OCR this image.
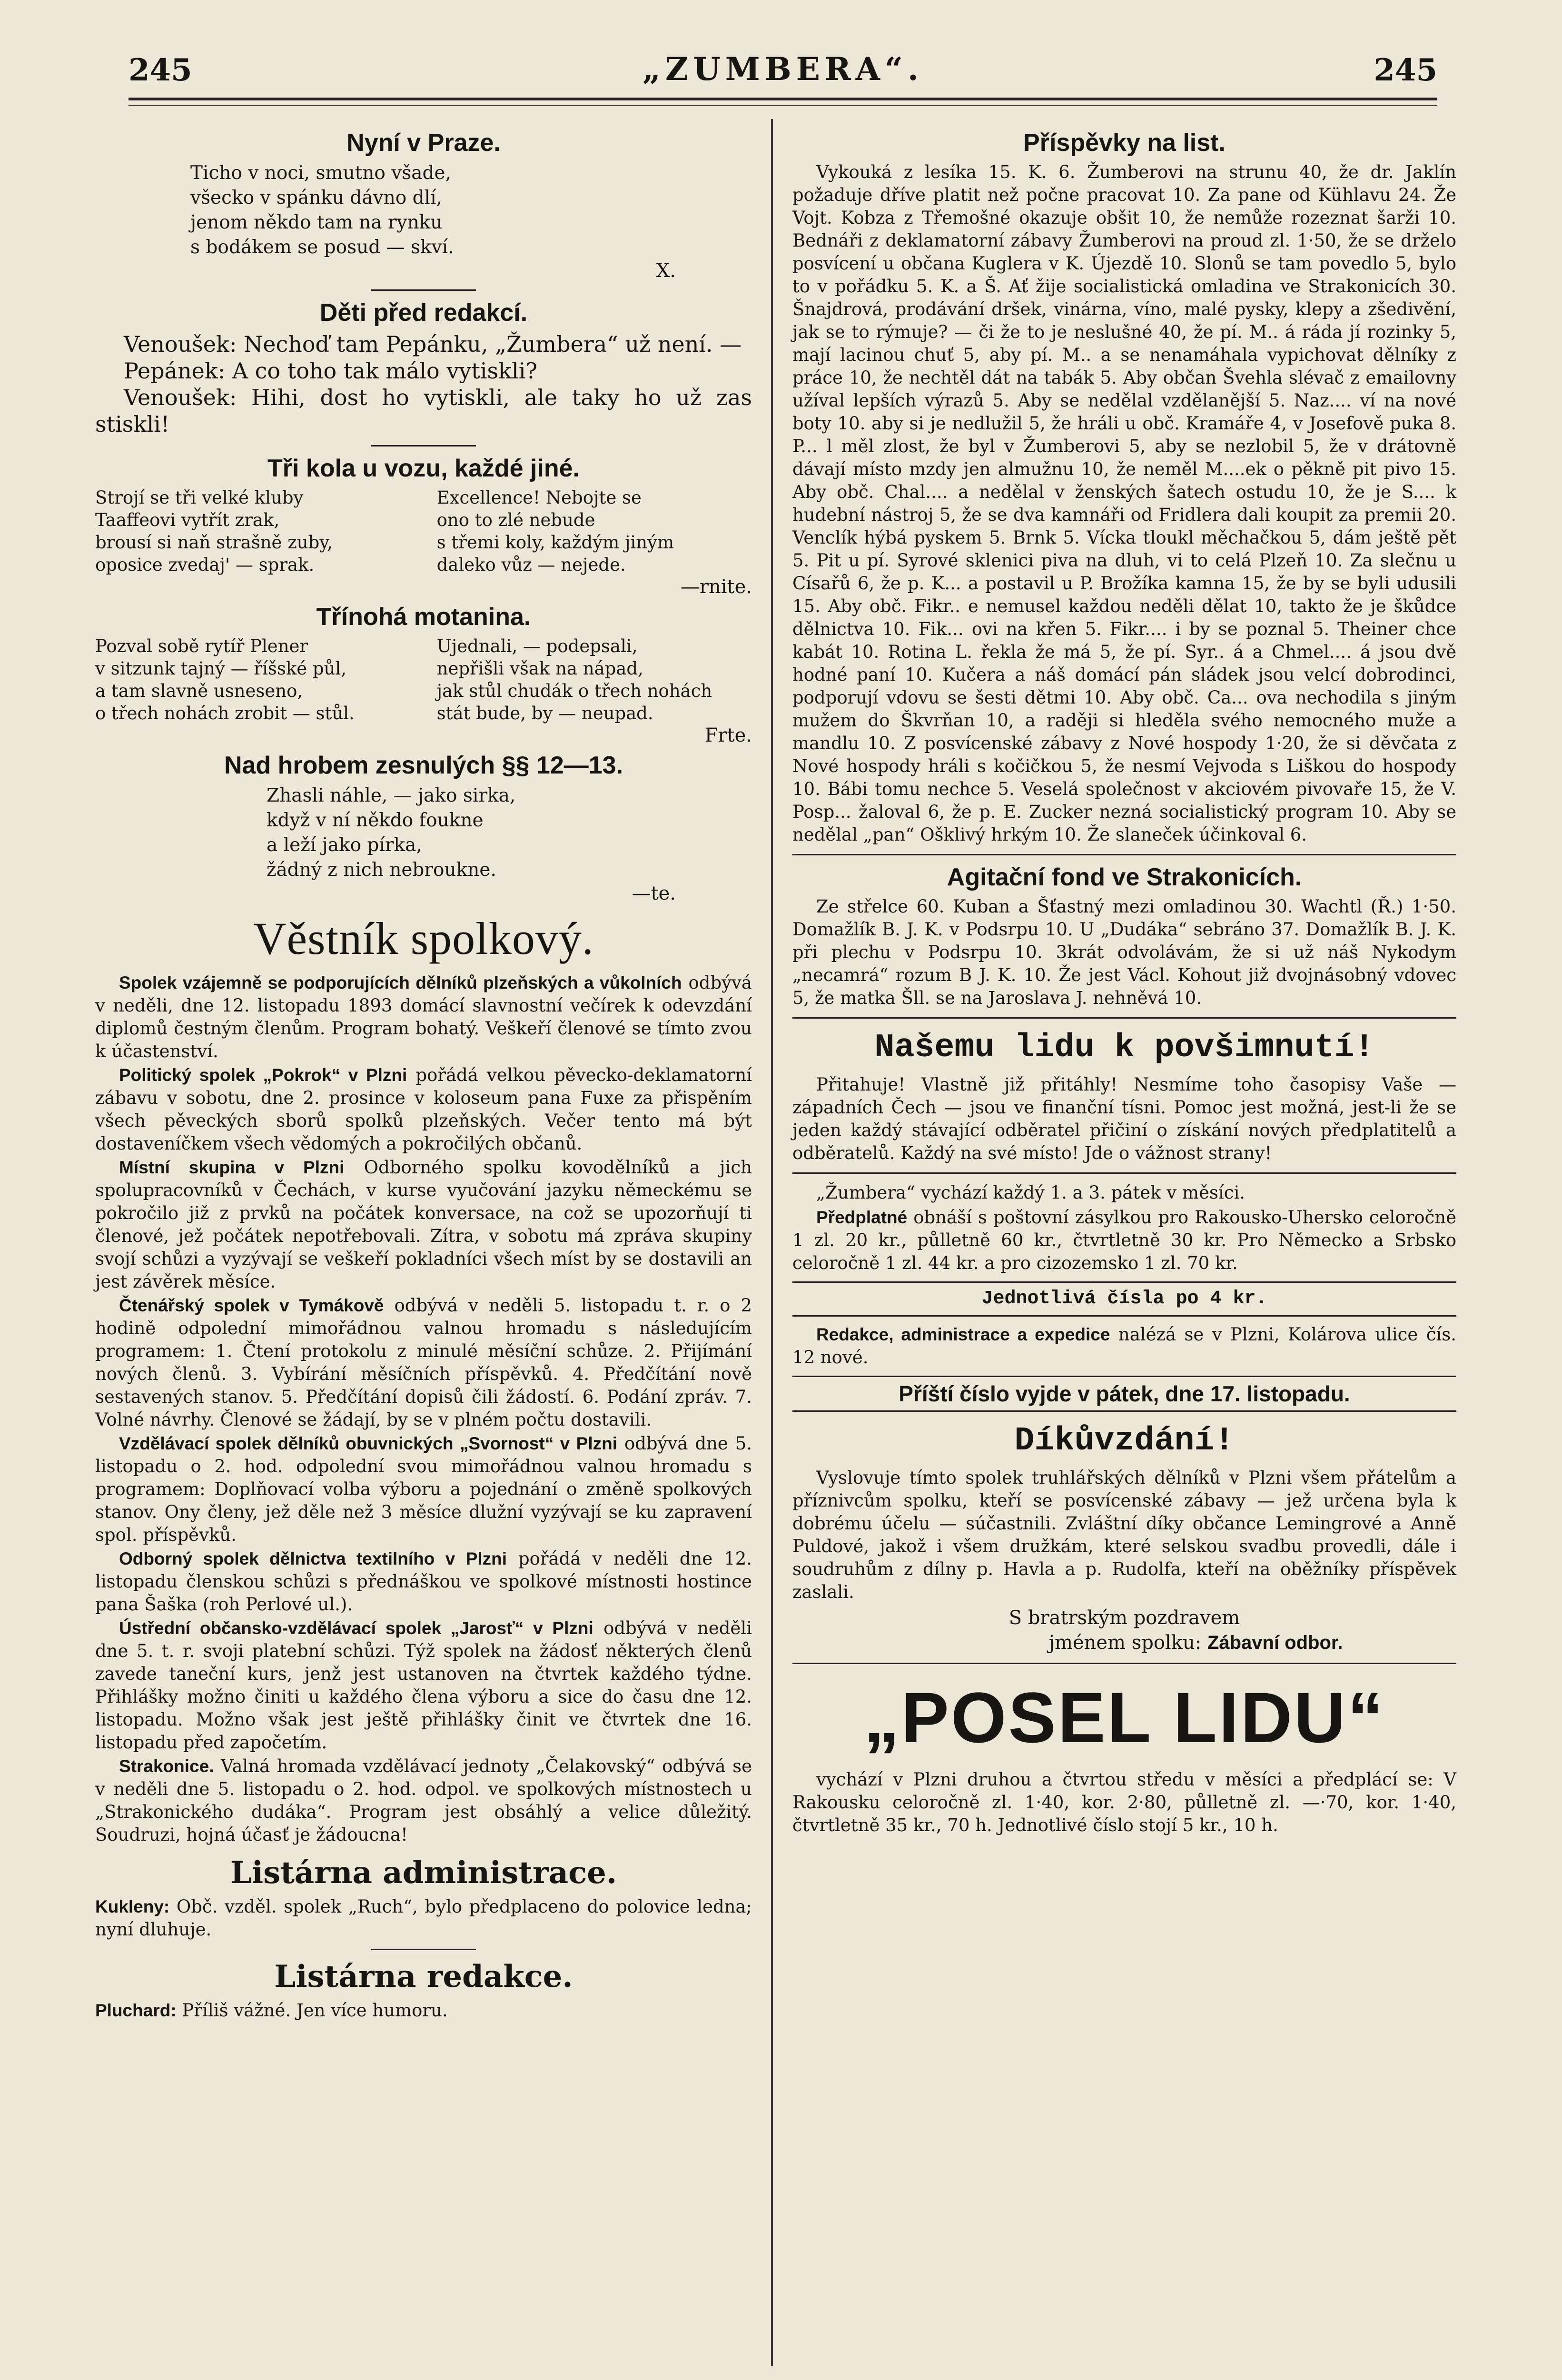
245	„ZUMBERA“.	245
Nyní v Praze.
Ticho v noci, smutno všade,
všecko v spánku dávno dlí,
jenom někdo tam na rynku
s bodákem se posud — skví.
X.
Děti před redakcí.

Venoušek: Nechoď tam Pepánku, „Žumbera“ už není. —

Pepánek: A co toho tak málo vytiskli?

Venoušek: Hihi, dost ho vytiskli, ale taky ho už zas stiskli!

Tři kola u vozu, každé jiné.
Strojí se tři velké kluby
Taaffeovi vytřít zrak,
brousí si naň strašně zuby,
oposice zvedaj' — sprak.
Excellence! Nebojte se
ono to zlé nebude
s třemi koly, každým jiným
daleko vůz — nejede.
—rnite.
Třínohá motanina.
Pozval sobě rytíř Plener
v sitzunk tajný — říšské půl,
a tam slavně usneseno,
o třech nohách zrobit — stůl.
Ujednali, — podepsali,
nepřišli však na nápad,
jak stůl chudák o třech nohách
stát bude, by — neupad.
Frte.
Nad hrobem zesnulých §§ 12—13.
Zhasli náhle, — jako sirka,
když v ní někdo foukne
a leží jako pírka,
žádný z nich nebroukne.
—te.
Věstník spolkový.

Spolek vzájemně se podporujících dělníků plzeňských a vůkolních odbývá v neděli, dne 12. listopadu 1893 domácí slavnostní večírek k odevzdání diplomů čestným členům. Program bohatý. Veškeří členové se tímto zvou k účastenství.

Politický spolek „Pokrok“ v Plzni pořádá velkou pěvecko-deklamatorní zábavu v sobotu, dne 2. prosince v koloseum pana Fuxe za přispěním všech pěveckých sborů spolků plzeňských. Večer tento má být dostaveníčkem všech vědomých a pokročilých občanů.

Místní skupina v Plzni Odborného spolku kovodělníků a jich spolupracovníků v Čechách, v kurse vyučování jazyku německému se pokročilo již z prvků na počátek konversace, na což se upozorňují ti členové, jež počátek nepotřebovali. Zítra, v sobotu má zpráva skupiny svojí schůzi a vyzývají se veškeří pokladníci všech míst by se dostavili an jest závěrek měsíce.

Čtenářský spolek v Tymákově odbývá v neděli 5. listopadu t. r. o 2 hodině odpolední mimořádnou valnou hromadu s následujícím programem: 1. Čtení protokolu z minulé měsíční schůze. 2. Přijímání nových členů. 3. Vybírání měsíčních příspěvků. 4. Předčítání nově sestavených stanov. 5. Předčítání dopisů čili žádostí. 6. Podání zpráv. 7. Volné návrhy. Členové se žádají, by se v plném počtu dostavili.

Vzdělávací spolek dělníků obuvnických „Svornost“ v Plzni odbývá dne 5. listopadu o 2. hod. odpolední svou mimořádnou valnou hromadu s programem: Doplňovací volba výboru a pojednání o změně spolkových stanov. Ony členy, jež děle než 3 měsíce dlužní vyzývají se ku zapravení spol. příspěvků.

Odborný spolek dělnictva textilního v Plzni pořádá v neděli dne 12. listopadu členskou schůzi s přednáškou ve spolkové místnosti hostince pana Šaška (roh Perlové ul.).

Ústřední občansko-vzdělávací spolek „Jarosť“ v Plzni odbývá v neděli dne 5. t. r. svoji platební schůzi. Týž spolek na žádosť některých členů zavede taneční kurs, jenž jest ustanoven na čtvrtek každého týdne. Přihlášky možno činiti u každého člena výboru a sice do času dne 12. listopadu. Možno však jest ještě přihlášky činit ve čtvrtek dne 16. listopadu před započetím.

Strakonice. Valná hromada vzdělávací jednoty „Čelakovský“ odbývá se v neděli dne 5. listopadu o 2. hod. odpol. ve spolkových místnostech u „Strakonického dudáka“. Program jest obsáhlý a velice důležitý. Soudruzi, hojná účasť je žádoucna!

Listárna administrace.
Kukleny: Obč. vzděl. spolek „Ruch“, bylo předplaceno do polovice ledna; nyní dluhuje.
Listárna redakce.
Pluchard: Příliš vážné. Jen více humoru.
Příspěvky na list.

Vykouká z lesíka 15. K. 6. Žumberovi na strunu 40, že dr. Jaklín požaduje dříve platit než počne pracovat 10. Za pane od Kühlavu 24. Že Vojt. Kobza z Třemošné okazuje obšit 10, že nemůže rozeznat šarži 10. Bednáři z deklamatorní zábavy Žumberovi na proud zl. 1·50, že se drželo posvícení u občana Kuglera v K. Újezdě 10. Slonů se tam povedlo 5, bylo to v pořádku 5. K. a Š. Ať žije socialistická omladina ve Strakonicích 30. Šnajdrová, prodávání dršek, vinárna, víno, malé pysky, klepy a zšedivění, jak se to rýmuje? — či že to je neslušné 40, že pí. M.. á ráda jí rozinky 5, mají lacinou chuť 5, aby pí. M.. a se nenamáhala vypichovat dělníky z práce 10, že nechtěl dát na tabák 5. Aby občan Švehla slévač z emailovny užíval lepších výrazů 5. Aby se nedělal vzdělanější 5. Naz.... ví na nové boty 10. aby si je nedlužil 5, že hráli u obč. Kramáře 4, v Josefově puka 8. P... l měl zlost, že byl v Žumberovi 5, aby se nezlobil 5, že v drátovně dávají místo mzdy jen almužnu 10, že neměl M....ek o pěkně pit pivo 15. Aby obč. Chal.... a nedělal v ženských šatech ostudu 10, že je S.... k hudební nástroj 5, že se dva kamnáři od Fridlera dali koupit za premii 20. Venclík hýbá pyskem 5. Brnk 5. Vícka tloukl měchačkou 5, dám ještě pět 5. Pit u pí. Syrové sklenici piva na dluh, vi to celá Plzeň 10. Za slečnu u Císařů 6, že p. K... a postavil u P. Brožíka kamna 15, že by se byli udusili 15. Aby obč. Fikr.. e nemusel každou neděli dělat 10, takto že je škůdce dělnictva 10. Fik... ovi na křen 5. Fikr.... i by se poznal 5. Theiner chce kabát 10. Rotina L. řekla že má 5, že pí. Syr.. á a Chmel.... á jsou dvě hodné paní 10. Kučera a náš domácí pán sládek jsou velcí dobrodinci, podporují vdovu se šesti dětmi 10. Aby obč. Ca... ova nechodila s jiným mužem do Škvrňan 10, a raději si hleděla svého nemocného muže a mandlu 10. Z posvícenské zábavy z Nové hospody 1·20, že si děvčata z Nové hospody hráli s kočičkou 5, že nesmí Vejvoda s Liškou do hospody 10. Bábi tomu nechce 5. Veselá společnost v akciovém pivovaře 15, že V. Posp... žaloval 6, že p. E. Zucker nezná socialistický program 10. Aby se nedělal „pan“ Ošklivý hrkým 10. Že slaneček účinkoval 6.

Agitační fond ve Strakonicích.

Ze střelce 60. Kuban a Šťastný mezi omladinou 30. Wachtl (Ř.) 1·50. Domažlík B. J. K. v Podsrpu 10. U „Dudáka“ sebráno 37. Domažlík B. J. K. při plechu v Podsrpu 10. 3krát odvolávám, že si už náš Nykodym „necamrá“ rozum B J. K. 10. Že jest Václ. Kohout již dvojnásobný vdovec 5, že matka Šll. se na Jaroslava J. nehněvá 10.

Našemu lidu k povšimnutí!

Přitahuje! Vlastně již přitáhly! Nesmíme toho časopisy Vaše — západních Čech — jsou ve finanční tísni. Pomoc jest možná, jest-li že se jeden každý stávající odběratel přičiní o získání nových předplatitelů a odběratelů. Každý na své místo! Jde o vážnost strany!

„Žumbera“ vychází každý 1. a 3. pátek v měsíci.

Předplatné obnáší s poštovní zásylkou pro Rakousko-Uhersko celoročně 1 zl. 20 kr., půlletně 60 kr., čtvrtletně 30 kr. Pro Německo a Srbsko celoročně 1 zl. 44 kr. a pro cizozemsko 1 zl. 70 kr.

Jednotlivá čísla po 4 kr.

Redakce, administrace a expedice nalézá se v Plzni, Kolárova ulice čís. 12 nové.

Příští číslo vyjde v pátek, dne 17. listopadu.
Díkůvzdání!

Vyslovuje tímto spolek truhlářských dělníků v Plzni všem přátelům a příznivcům spolku, kteří se posvícenské zábavy — jež určena byla k dobrému účelu — súčastnili. Zvláštní díky občance Lemingrové a Anně Puldové, jakož i všem družkám, které selskou svadbu provedli, dále i soudruhům z dílny p. Havla a p. Rudolfa, kteří na oběžníky příspěvek zaslali.

S bratrským pozdravem
jménem spolku: Zábavní odbor.
„POSEL LIDU“

vychází v Plzni druhou a čtvrtou středu v měsíci a předplácí se: V Rakousku celoročně zl. 1·40, kor. 2·80, půlletně zl. —·70, kor. 1·40, čtvrtletně 35 kr., 70 h. Jednotlivé číslo stojí 5 kr., 10 h.
